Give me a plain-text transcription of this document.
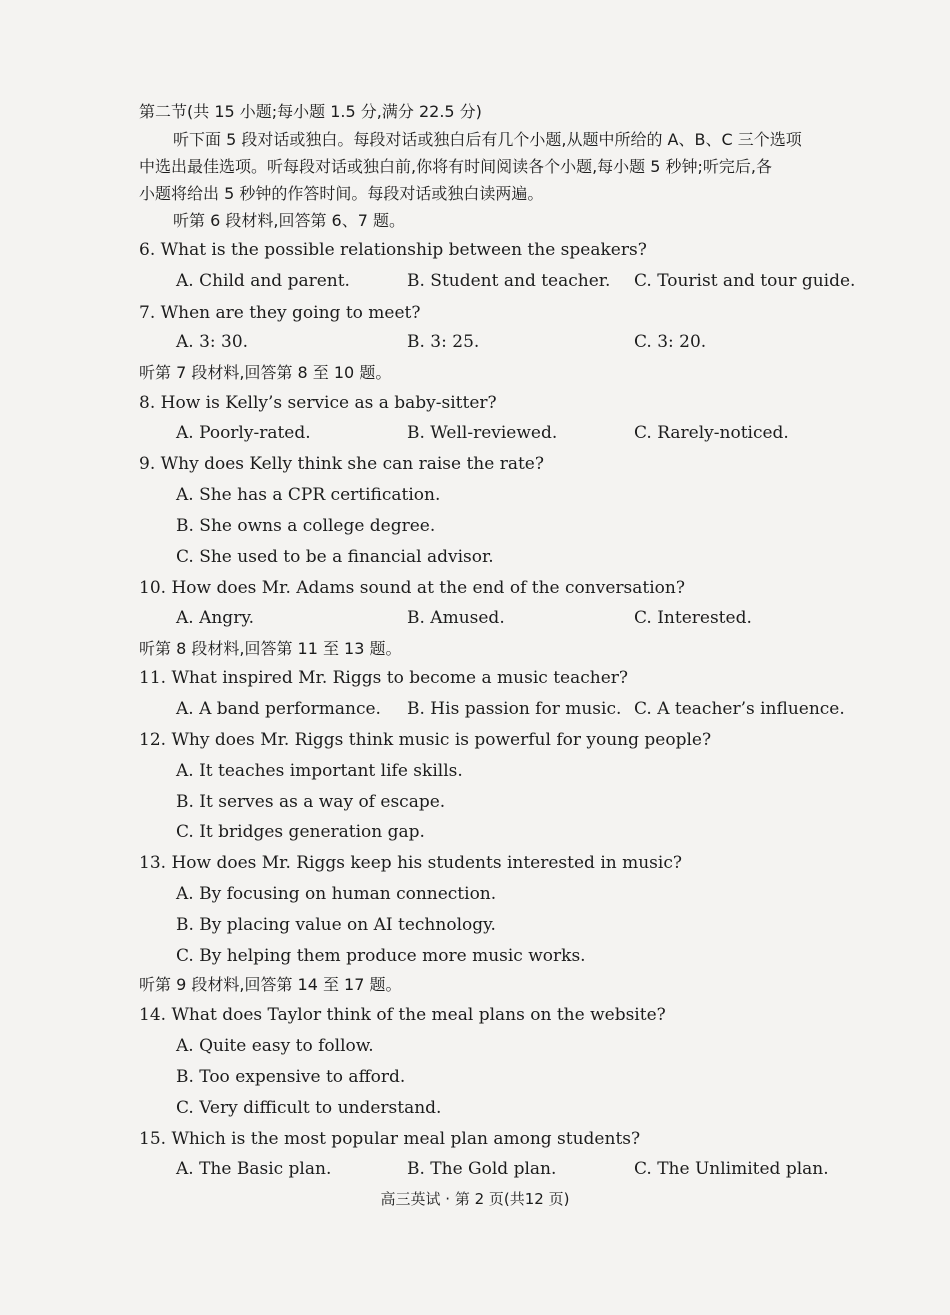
第二节(共 15 小题;每小题 1.5 分,满分 22.5 分)
听下面 5 段对话或独白。每段对话或独白后有几个小题,从题中所给的 A、B、C 三个选项
中选出最佳选项。听每段对话或独白前,你将有时间阅读各个小题,每小题 5 秒钟;听完后,各
小题将给出 5 秒钟的作答时间。每段对话或独白读两遍。
听第 6 段材料,回答第 6、7 题。
6. What is the possible relationship between the speakers?
A. Child and parent.	B. Student and teacher. C. Tourist and tour guide.
7. When are they going to meet?
A. 3: 30.	B. 3: 25.	C. 3: 20.
听第 7 段材料,回答第 8 至 10 题。
8. How is Kelly’s service as a baby-sitter?
A. Poorly-rated.	B. Well-reviewed.	C. Rarely-noticed.
9. Why does Kelly think she can raise the rate?
A. She has a CPR certification.
B. She owns a college degree.
C. She used to be a financial advisor.
10. How does Mr. Adams sound at the end of the conversation?
A. Angry.	B. Amused.	C. Interested.
听第 8 段材料,回答第 11 至 13 题。
11. What inspired Mr. Riggs to become a music teacher?
A. A band performance. B. His passion for music. C. A teacher’s influence.
12. Why does Mr. Riggs think music is powerful for young people?
A. It teaches important life skills.
B. It serves as a way of escape.
C. It bridges generation gap.
13. How does Mr. Riggs keep his students interested in music?
A. By focusing on human connection.
B. By placing value on AI technology.
C. By helping them produce more music works.
听第 9 段材料,回答第 14 至 17 题。
14. What does Taylor think of the meal plans on the website?
A. Quite easy to follow.
B. Too expensive to afford.
C. Very difficult to understand.
15. Which is the most popular meal plan among students?
A. The Basic plan.	B. The Gold plan.	C. The Unlimited plan.
高三英试 · 第 2 页(共12 页)
